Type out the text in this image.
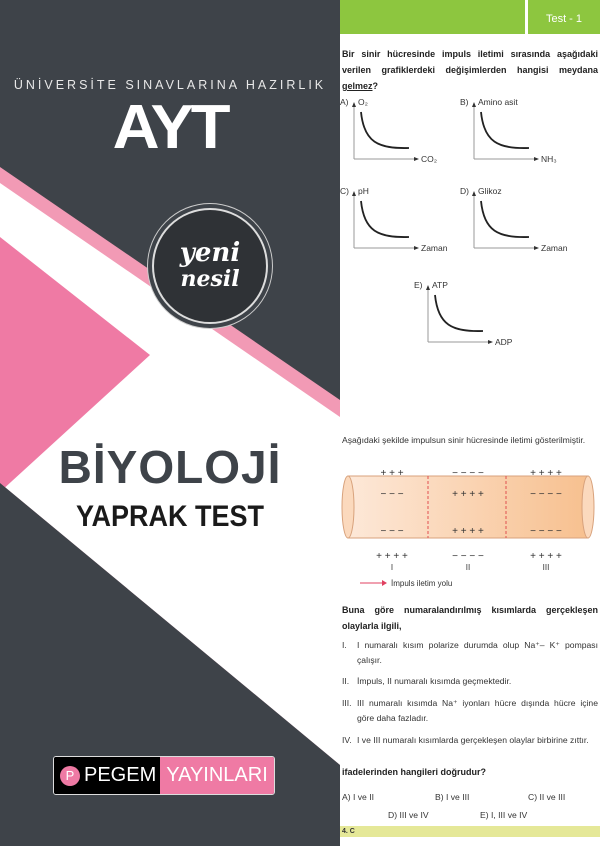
ÜNİVERSİTE SINAVLARINA HAZIRLIK
AYT
yeni
nesil
BİYOLOJİ
YAPRAK TEST
P PEGEM YAYINLARI
Test - 1
Bir sinir hücresinde impuls iletimi sırasında aşağıdaki verilen grafiklerdeki değişimlerden hangisi meydana gelmez?
A) O₂
CO₂
B) Amino asit
NH₃
C) pH
Zaman
D) Glikoz
Zaman
E) ATP
ADP
Aşağıdaki şekilde impulsun sinir hücresinde iletimi gösterilmiştir.
+ + +	− − − −	+ + + +
− − −	+ + + +	− − − −
− − −	+ + + +	− − − −
+ + + +	− − − −	+ + + +
I	II	III
İmpuls iletim yolu
Buna göre numaralandırılmış kısımlarda gerçekleşen olaylarla ilgili,
I.	I numaralı kısım polarize durumda olup Na⁺– K⁺ pompası çalışır.
II. İmpuls, II numaralı kısımda geçmektedir.
III. III numaralı kısımda Na⁺ iyonları hücre dışında hücre içine göre daha fazladır.
IV. I ve III numaralı kısımlarda gerçekleşen olaylar birbirine zıttır.
ifadelerinden hangileri doğrudur?
A) I ve II	B) I ve III	C) II ve III
D) III ve IV	E) I, III ve IV
4. C
